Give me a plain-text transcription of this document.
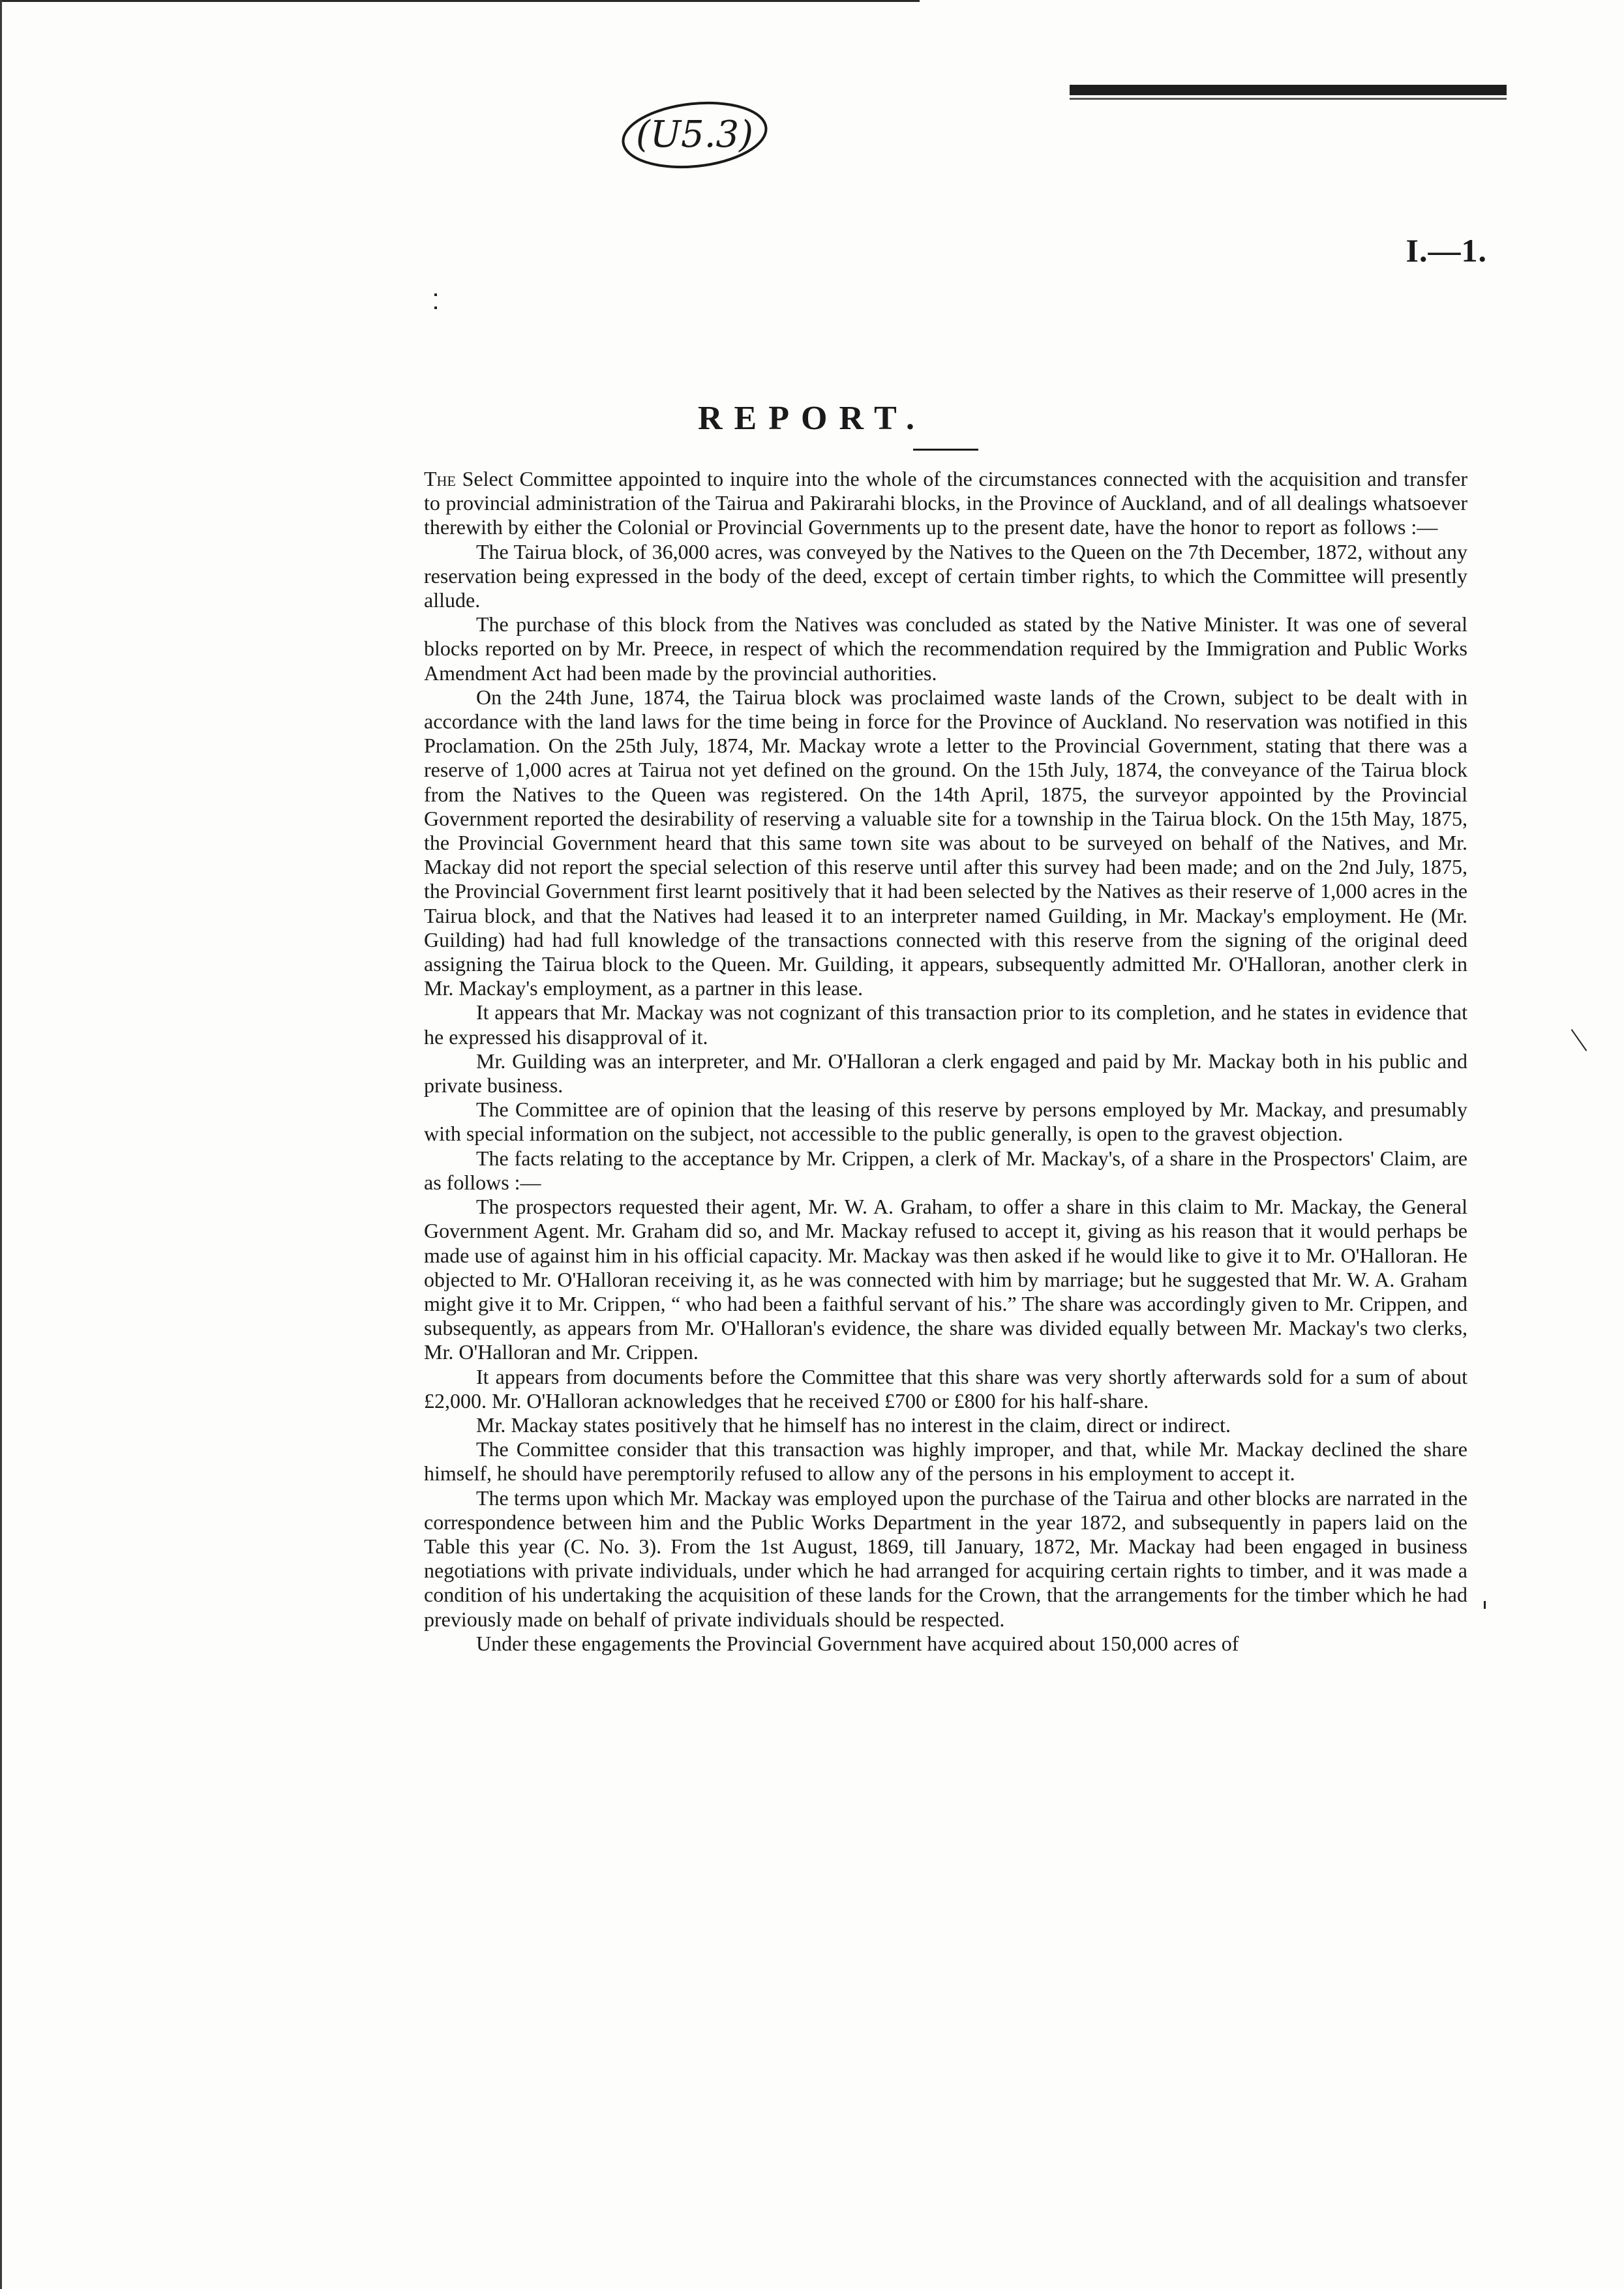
(U5.3)
I.—1.
REPORT.

The Select Committee appointed to inquire into the whole of the circumstances connected with the acquisition and transfer to provincial administration of the Tairua and Pakirarahi blocks, in the Province of Auckland, and of all dealings whatsoever therewith by either the Colonial or Provincial Governments up to the present date, have the honor to report as follows :—

The Tairua block, of 36,000 acres, was conveyed by the Natives to the Queen on the 7th December, 1872, without any reservation being expressed in the body of the deed, except of certain timber rights, to which the Committee will presently allude.

The purchase of this block from the Natives was concluded as stated by the Native Minister. It was one of several blocks reported on by Mr. Preece, in respect of which the recommendation required by the Immigration and Public Works Amendment Act had been made by the provincial authorities.

On the 24th June, 1874, the Tairua block was proclaimed waste lands of the Crown, subject to be dealt with in accordance with the land laws for the time being in force for the Province of Auckland. No reservation was notified in this Proclamation. On the 25th July, 1874, Mr. Mackay wrote a letter to the Provincial Government, stating that there was a reserve of 1,000 acres at Tairua not yet defined on the ground. On the 15th July, 1874, the conveyance of the Tairua block from the Natives to the Queen was registered. On the 14th April, 1875, the surveyor appointed by the Provincial Government reported the desirability of reserving a valuable site for a township in the Tairua block. On the 15th May, 1875, the Provincial Government heard that this same town site was about to be surveyed on behalf of the Natives, and Mr. Mackay did not report the special selection of this reserve until after this survey had been made; and on the 2nd July, 1875, the Provincial Government first learnt positively that it had been selected by the Natives as their reserve of 1,000 acres in the Tairua block, and that the Natives had leased it to an interpreter named Guilding, in Mr. Mackay's employment. He (Mr. Guilding) had had full knowledge of the transactions connected with this reserve from the signing of the original deed assigning the Tairua block to the Queen. Mr. Guilding, it appears, subsequently admitted Mr. O'Halloran, another clerk in Mr. Mackay's employment, as a partner in this lease.

It appears that Mr. Mackay was not cognizant of this transaction prior to its completion, and he states in evidence that he expressed his disapproval of it.

Mr. Guilding was an interpreter, and Mr. O'Halloran a clerk engaged and paid by Mr. Mackay both in his public and private business.

The Committee are of opinion that the leasing of this reserve by persons employed by Mr. Mackay, and presumably with special information on the subject, not accessible to the public generally, is open to the gravest objection.

The facts relating to the acceptance by Mr. Crippen, a clerk of Mr. Mackay's, of a share in the Prospectors' Claim, are as follows :—

The prospectors requested their agent, Mr. W. A. Graham, to offer a share in this claim to Mr. Mackay, the General Government Agent. Mr. Graham did so, and Mr. Mackay refused to accept it, giving as his reason that it would perhaps be made use of against him in his official capacity. Mr. Mackay was then asked if he would like to give it to Mr. O'Halloran. He objected to Mr. O'Halloran receiving it, as he was connected with him by marriage; but he suggested that Mr. W. A. Graham might give it to Mr. Crippen, “ who had been a faithful servant of his.” The share was accordingly given to Mr. Crippen, and subsequently, as appears from Mr. O'Halloran's evidence, the share was divided equally between Mr. Mackay's two clerks, Mr. O'Halloran and Mr. Crippen.

It appears from documents before the Committee that this share was very shortly afterwards sold for a sum of about £2,000. Mr. O'Halloran acknowledges that he received £700 or £800 for his half-share.

Mr. Mackay states positively that he himself has no interest in the claim, direct or indirect.

The Committee consider that this transaction was highly improper, and that, while Mr. Mackay declined the share himself, he should have peremptorily refused to allow any of the persons in his employment to accept it.

The terms upon which Mr. Mackay was employed upon the purchase of the Tairua and other blocks are narrated in the correspondence between him and the Public Works Department in the year 1872, and subsequently in papers laid on the Table this year (C. No. 3). From the 1st August, 1869, till January, 1872, Mr. Mackay had been engaged in business negotiations with private individuals, under which he had arranged for acquiring certain rights to timber, and it was made a condition of his undertaking the acquisition of these lands for the Crown, that the arrangements for the timber which he had previously made on behalf of private individuals should be respected.

Under these engagements the Provincial Government have acquired about 150,000 acres of
